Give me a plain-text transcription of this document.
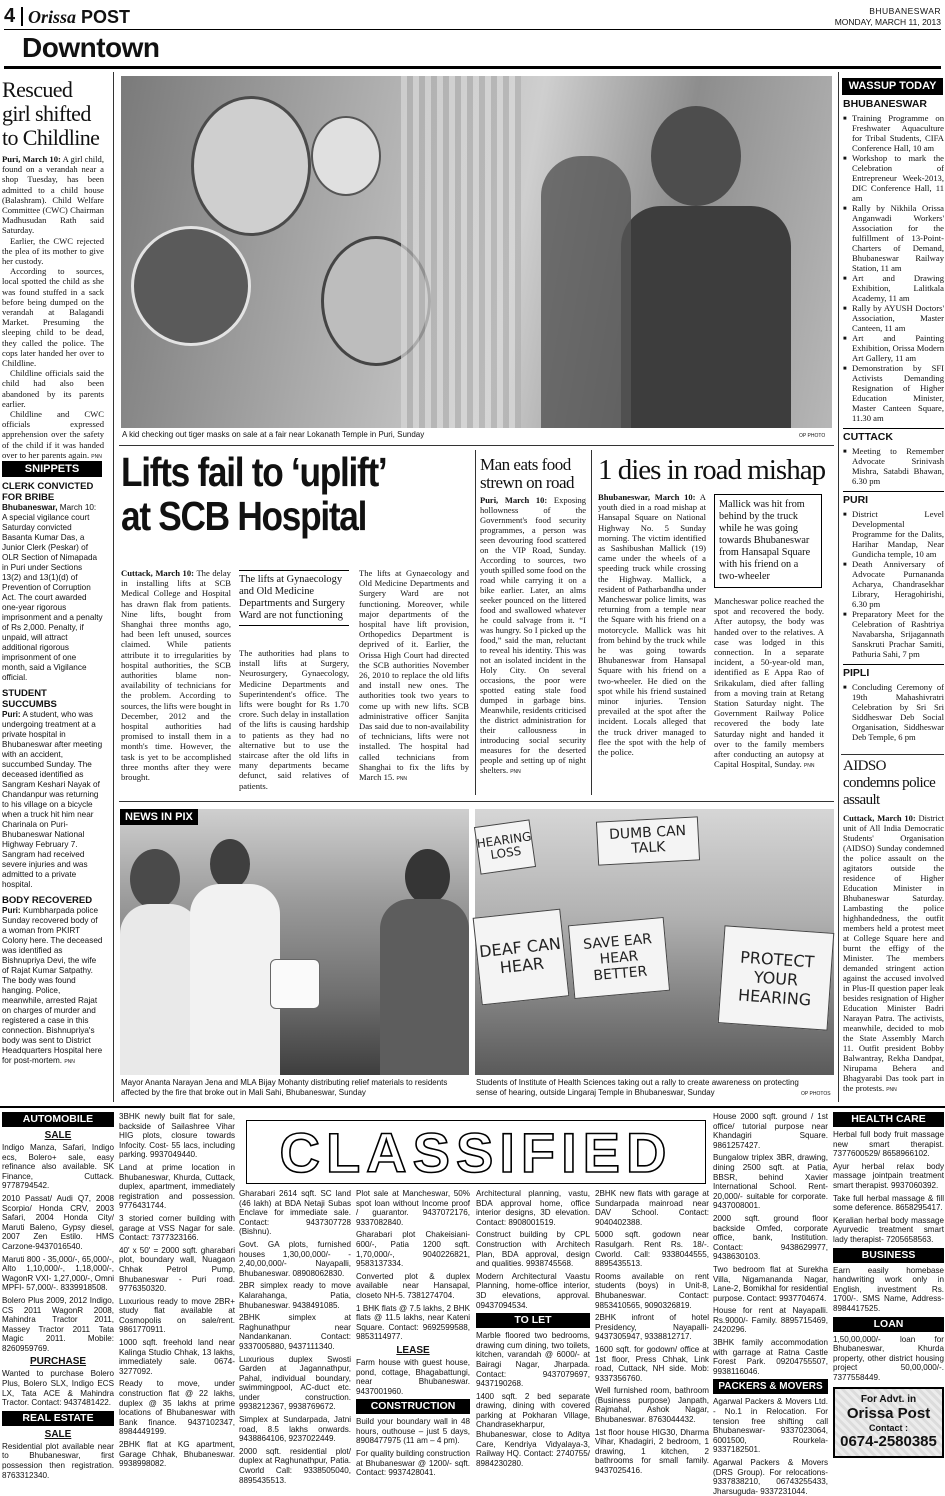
4 Orissa POST	BHUBANESWAR
MONDAY, MARCH 11, 2013
Downtown
Rescued girl shifted to Childline

Puri, March 10: A girl child, found on a verandah near a shop Tuesday, has been admitted to a child house (Balashram). Child Welfare Committee (CWC) Chairman Madhusudan Rath said Saturday.

Earlier, the CWC rejected the plea of its mother to give her custody.

According to sources, local spotted the child as she was found stuffed in a sack before being dumped on the verandah at Balagandi Market. Presuming the sleeping child to be dead, they called the police. The cops later handed her over to Childline.

Childline officials said the child had also been abandoned by its parents earlier.

Childline and CWC officials expressed apprehension over the safety of the child if it was handed over to her parents again. PNN

SNIPPETS
CLERK CONVICTED FOR BRIBE
Bhubaneswar, March 10: A special vigilance court Saturday convicted Basanta Kumar Das, a Junior Clerk (Peskar) of OLR Section of Nimapada in Puri under Sections 13(2) and 13(1)(d) of Prevention of Corruption Act. The court awarded one-year rigorous imprisonment and a penalty of Rs 2,000. Penalty, if unpaid, will attract additional rigorous imprisonment of one month, said a Vigilance official.
STUDENT SUCCUMBS
Puri: A student, who was undergoing treatment at a private hospital in Bhubaneswar after meeting with an accident, succumbed Sunday. The deceased identified as Sangram Keshari Nayak of Chandanpur was returning to his village on a bicycle when a truck hit him near Charinala on Puri-Bhubaneswar National Highway February 7. Sangram had received severe injuries and was admitted to a private hospital.
BODY RECOVERED
Puri: Kumbharpada police Sunday recovered body of a woman from PKIRT Colony here. The deceased was identified as Bishnupriya Devi, the wife of Rajat Kumar Satpathy. The body was found hanging. Police, meanwhile, arrested Rajat on charges of murder and registered a case in this connection. Bishnupriya's body was sent to District Headquarters Hospital here for post-mortem. PNN
A kid checking out tiger masks on sale at a fair near Lokanath Temple in Puri, Sunday	OP PHOTO
Lifts fail to ‘uplift’
at SCB Hospital
Cuttack, March 10: The delay in installing lifts at SCB Medical College and Hospital has drawn flak from patients. Nine lifts, bought from Shanghai three months ago, had been left unused, sources claimed. While patients attribute it to irregularities by hospital authorities, the SCB authorities blame non-availability of technicians for the problem. According to sources, the lifts were bought in December, 2012 and the hospital authorities had promised to install them in a month's time. However, the task is yet to be accomplished three months after they were brought.
The lifts at Gynaecology and Old Medicine Departments and Surgery Ward are not functioning
The authorities had plans to install lifts at Surgery, Neurosurgery, Gynaecology, Medicine Departments and Superintendent's office. The lifts were bought for Rs 1.70 crore. Such delay in installation of the lifts is causing hardship to patients as they had no alternative but to use the staircase after the old lifts in many departments became defunct, said relatives of patients.
The lifts at Gynaecology and Old Medicine Departments and Surgery Ward are not functioning. Moreover, while major departments of the hospital have lift provision, Orthopedics Department is deprived of it. Earlier, the Orissa High Court had directed the SCB authorities November 26, 2010 to replace the old lifts and install new ones. The authorities took two years to come up with new lifts. SCB administrative officer Sanjita Das said due to non-availability of technicians, lifts were not installed. The hospital had called technicians from Shanghai to fix the lifts by March 15. PNN
Man eats food strewn on road
Puri, March 10: Exposing hollowness of the Government's food security programmes, a person was seen devouring food scattered on the VIP Road, Sunday. According to sources, two youth spilled some food on the road while carrying it on a bike earlier. Later, an alms seeker pounced on the littered food and swallowed whatever he could salvage from it. “I was hungry. So I picked up the food,” said the man, reluctant to reveal his identity. This was not an isolated incident in the Holy City. On several occasions, the poor were spotted eating stale food dumped in garbage bins. Meanwhile, residents criticised the district administration for their callousness in introducing social security measures for the deserted people and setting up of night shelters. PNN
1 dies in road mishap
Bhubaneswar, March 10: A youth died in a road mishap at Hansapal Square on National Highway No. 5 Sunday morning. The victim identified as Sashibushan Mallick (19) came under the wheels of a speeding truck while crossing the Highway. Mallick, a resident of Patharbandha under Mancheswar police limits, was returning from a temple near the Square with his friend on a motorcycle. Mallick was hit from behind by the truck while he was going towards Bhubaneswar from Hansapal Square with his friend on a two-wheeler. He died on the spot while his friend sustained minor injuries. Tension prevailed at the spot after the incident. Locals alleged that the truck driver managed to flee the spot with the help of the police.
Mallick was hit from behind by the truck while he was going towards Bhubaneswar from Hansapal Square with his friend on a two-wheeler
Mancheswar police reached the spot and recovered the body. After autopsy, the body was handed over to the relatives. A case was lodged in this connection. In a separate incident, a 50-year-old man, identified as E Appa Rao of Srikakulam, died after falling from a moving train at Retang Station Saturday night. The Government Railway Police recovered the body late Saturday night and handed it over to the family members after conducting an autopsy at Capital Hospital, Sunday. PNN
WASSUP TODAY
BHUBANESWAR
■ Training Programme on Freshwater Aquaculture for Tribal Students, CIFA Conference Hall, 10 am
■ Workshop to mark the Celebration of Entrepreneur Week-2013, DIC Conference Hall, 11 am
■ Rally by Nikhila Orissa Anganwadi Workers' Association for the fulfillment of 13-Point-Charters of Demand, Bhubaneswar Railway Station, 11 am
■ Art and Drawing Exhibition, Lalitkala Academy, 11 am
■ Rally by AYUSH Doctors' Association, Master Canteen, 11 am
■ Art and Painting Exhibition, Orissa Modern Art Gallery, 11 am
■ Demonstration by SFI Activists Demanding Resignation of Higher Education Minister, Master Canteen Square, 11.30 am
CUTTACK
■ Meeting to Remember Advocate Srinivash Mishra, Satabdi Bhawan, 6.30 pm
PURI
■ District Level Developmental Programme for the Dalits, Harihar Mandap, Near Gundicha temple, 10 am
■ Death Anniversary of Advocate Purnananda Acharya, Chandrasekhar Library, Heragohirishi, 6.30 pm
■ Preparatory Meet for the Celebration of Rashtriya Navabarsha, Srijagannath Sanskruti Prachar Samiti, Pathuria Sahi, 7 pm
PIPLI
■ Concluding Ceremony of 19th Mahashivratri Celebration by Sri Sri Siddheswar Deb Social Organisation, Siddheswar Deb Temple, 6 pm
AIDSO condemns police assault
Cuttack, March 10: District unit of All India Democratic Students' Organisation (AIDSO) Sunday condemned the police assault on the agitators outside the residence of Higher Education Minister in Bhubaneswar Saturday. Lambasting the police highhandedness, the outfit members held a protest meet at College Square here and burnt the effigy of the Minister. The members demanded stringent action against the accused involved in Plus-II question paper leak besides resignation of Higher Education Minister Badri Narayan Patra. The activists, meanwhile, decided to mob the State Assembly March 11. Outfit president Bobby Balwantray, Rekha Dandpat, Nirupama Behera and Bhagyarabi Das took part in the protests. PNN
NEWS IN PIX
HEARING LOSS
DUMB CAN TALK
DEAF CAN HEAR
SAVE EAR HEAR BETTER
PROTECT YOUR HEARING
Mayor Ananta Narayan Jena and MLA Bijay Mohanty distributing relief materials to residents affected by the fire that broke out in Mali Sahi, Bhubaneswar, Sunday
Students of Institute of Health Sciences taking out a rally to create awareness on protecting sense of hearing, outside Lingaraj Temple in Bhubaneswar, Sunday	OP PHOTOS
AUTOMOBILE
SALE
Indigo Manza, Safari, Indigo ecs, Bolero+ sale, easy refinance also available. SK Finance, Cuttack. 9778794542.
2010 Passat/ Audi Q7, 2008 Scorpio/ Honda CRV, 2003 Safari, 2004 Honda City/ Maruti Baleno, Gypsy diesel, 2007 Zen Estilo. HMS Carzone-9437016540.
Maruti 800 - 35,000/-, 65,000/-, Alto 1,10,000/-, 1,18,000/-, WagonR VXI- 1,27,000/-, Omni MPFI- 57,000/-. 8339918508.
Bolero Plus 2009, 2012 Indigo, CS 2011 WagonR 2008, Mahindra Tractor 2011, Massey Tractor 2011 Tata Magic 2011. Mobile: 8260959769.
PURCHASE
Wanted to purchase Bolero Plus, Bolero SLX, Indigo ECS LX, Tata ACE & Mahindra Tractor. Contact: 9437481422.
REAL ESTATE
SALE
Residential plot available near to Bhubaneswar, first possession then registration. 8763312340.
CLASSIFIED
3BHK newly built flat for sale, backside of Sailashree Vihar HIG plots, closure towards Infocity. Cost- 55 lacs, including parking. 9937049440.
Land at prime location in Bhubaneswar, Khurda, Cuttack, duplex, apartment, immediately registration and possession. 9776431744.
3 storied corner building with garage at VSS Nagar for sale. Contact: 7377323166.
40' x 50' = 2000 sqft. gharabari plot, boundary wall, Nuagaon Chhak Petrol Pump, Bhubaneswar - Puri road. 9776350320.
Luxurious ready to move 2BR+ study flat available at Cosmopolis on sale/rent. 9861770911.
1000 sqft. freehold land near Kalinga Studio Chhak, 13 lakhs, immediately sale. 0674-3277092.
Ready to move, under construction flat @ 22 lakhs, duplex @ 35 lakhs at prime locations of Bhubaneswar with Bank finance. 9437102347, 8984449199.
2BHK flat at KG apartment, Garage Chhak, Bhubaneswar. 9938998082.
Gharabari 2614 sqft. SC land (46 lakh) at BDA Netaji Subas Enclave for immediate sale. Contact: 9437307728 (Bishnu).
Govt. GA plots, furnished houses 1,30,00,000/- - 2,40,00,000/- Nayapalli, Bhubaneswar. 08908062830.
2BR simplex ready to move Kalarahanga, Patia, Bhubaneswar. 9438491085.
2BHK simplex at Raghunathpur near Nandankanan. Contact: 9337005880, 9437111340.
Luxurious duplex Swosti Garden at Jagannathpur, Pahal, individual boundary, swimmingpool, AC-duct etc. under construction. 9938212367, 9938769672.
Simplex at Sundarpada, Jatni road, 8.5 lakhs onwards. 9438864106, 9237022449.
2000 sqft. residential plot/ duplex at Raghunathpur, Patia. Cworld Call: 9338505040, 8895435513.
Plot sale at Mancheswar, 50% spot loan without Income proof / guarantor. 9437072176, 9337082840.
Gharabari plot Chakeisiani- 600/-, Patia 1200 sqft. 1,70,000/-, 9040226821, 9583137334.
Converted plot & duplex available near Hansapal, closeto NH-5. 7381274704.
1 BHK flats @ 7.5 lakhs, 2 BHK flats @ 11.5 lakhs, near Kateni Square. Contact: 9692599588, 9853114977.
LEASE
Farm house with guest house, pond, cottage, Bhagabattungi, near Bhubaneswar. 9437001960.
CONSTRUCTION
Build your boundary wall in 48 hours, outhouse – just 5 days, 8908477975 (11 am – 4 pm).
For quality building construction at Bhubaneswar @ 1200/- sqft. Contact: 9937428041.
Architectural planning, vastu, BDA approval home, office interior designs, 3D elevation. Contact: 8908001519.
Construct building by CPL Construction with Architech Plan, BDA approval, design and qualities. 9938745568.
Modern Architectural Vaastu Planning, home-office interior, 3D elevations, approval. 09437094534.
TO LET
Marble floored two bedrooms, drawing cum dining, two toilets, kitchen, varandah @ 6000/- at Bairagi Nagar, Jharpada. Contact: 9437079697, 9437190268.
1400 sqft. 2 bed separate drawing, dining with covered parking at Pokharan Village, Chandrasekharpur, Bhubaneswar, close to Aditya Care, Kendriya Vidyalaya-3, Railway HQ. Contact: 2740755/ 8984230280.
2BHK new flats with garage at Sundarpada mainroad near DAV School. Contact: 9040402388.
5000 sqft. godown near Rasulgarh. Rent Rs. 18/-. Cworld. Call: 9338044555, 8895435513.
Rooms available on rent students (boys) in Unit-8, Bhubaneswar. Contact: 9853410565, 9090326819.
2BHK infront of hotel Presidency, Nayapalli- 9437305947, 9338812717.
1600 sqft. for godown/ office at 1st floor, Press Chhak, Link road, Cuttack, NH side. Mob: 9337356760.
Well furnished room, bathroom (Business purpose) Janpath, Rajmahal, Ashok Nagar, Bhubaneswar. 8763044432.
1st floor house HIG30, Dharma Vihar, Khadagiri, 2 bedroom, 1 drawing, 1 kitchen, 2 bathrooms for small family. 9437025416.
House 2000 sqft. ground / 1st office/ tutorial purpose near Khandagiri Square. 9861257427.
Bungalow triplex 3BR, drawing, dining 2500 sqft. at Patia, BBSR, behind Xavier International School. Rent-20,000/- suitable for corporate. 9437008001.
2000 sqft. ground floor backside Omfed, corporate office, bank, Institution. Contact: 9438629977, 9438630103.
Two bedroom flat at Surekha Villa, Nigamananda Nagar, Lane-2, Bomikhal for residential purpose. Contact: 9937704674.
House for rent at Nayapalli. Rs.9000/- Family. 8895715469, 2420296.
3BHK family accommodation with garrage at Ratna Castle Forest Park. 09204755507, 9938116046.
PACKERS & MOVERS
Agarwal Packers & Movers Ltd. - No.1 in Relocation. For tension free shifting call Bhubaneswar- 9337023064, 6001500, Rourkela- 9337182501.
Agarwal Packers & Movers (DRS Group). For relocations- 9337838210, 06743255433, Jharsuguda- 9337231044.
HEALTH CARE
Herbal full body fruit massage new smart therapist. 7377600529/ 8658966102.
Ayur herbal relax body massage jointpain treatment smart therapist. 9937060392.
Take full herbal massage & fill some deference. 8658295417.
Keralian herbal body massage Ayurvedic treatment smart lady therapist- 7205658563.
BUSINESS
Earn easily homebase handwriting work only in English, investment Rs. 1700/-. SMS Name, Address-8984417525.
LOAN
1,50,00,000/- loan for Bhubaneswar, Khurda property, other district housing project 50,00,000/-. 7377558449.
For Advt. in
Orissa Post
Contact :
0674-2580385
